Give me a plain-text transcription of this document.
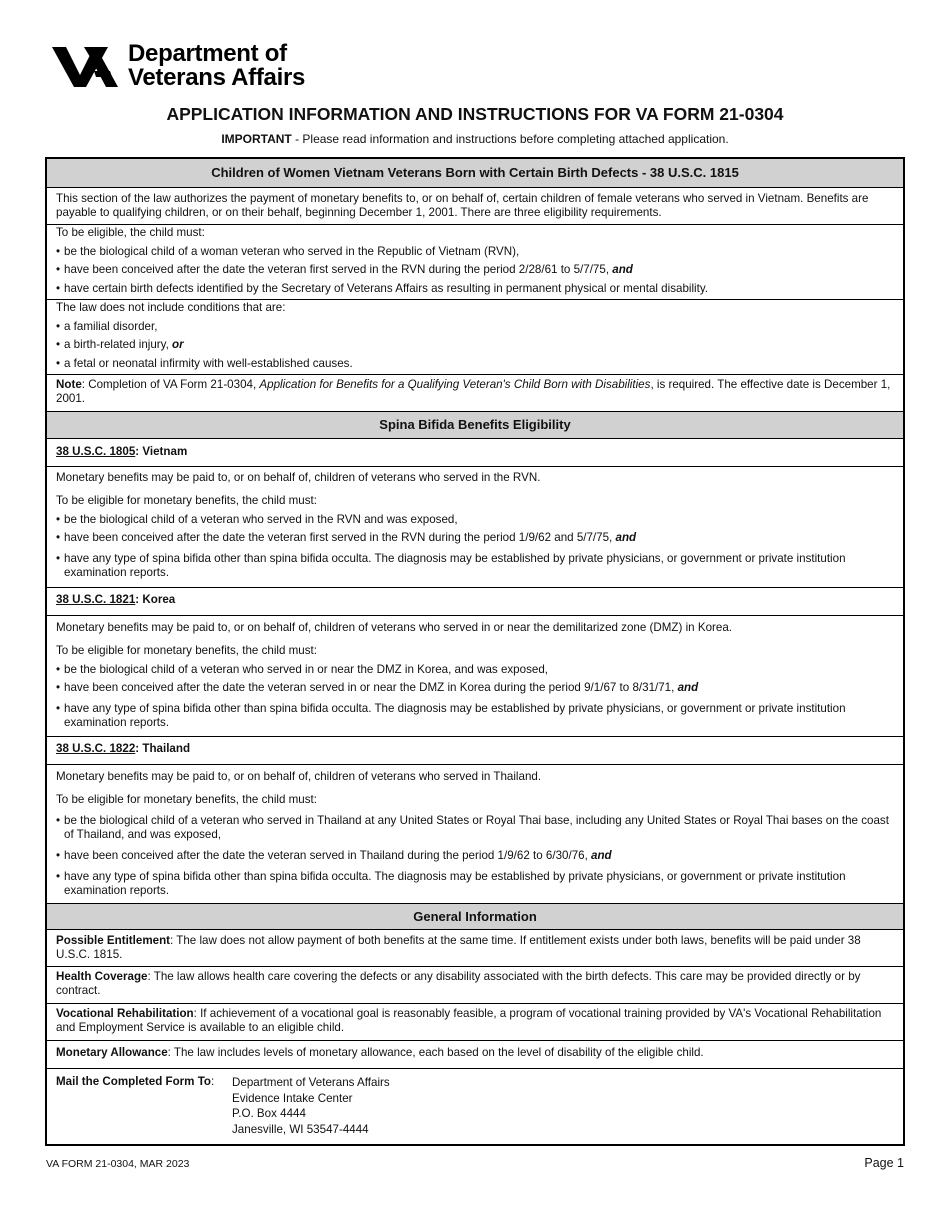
Department of
Veterans Affairs
APPLICATION INFORMATION AND INSTRUCTIONS FOR VA FORM 21-0304
IMPORTANT - Please read information and instructions before completing attached application.
Children of Women Vietnam Veterans Born with Certain Birth Defects - 38 U.S.C. 1815

This section of the law authorizes the payment of monetary benefits to, or on behalf of, certain children of female veterans who served in Vietnam. Benefits are payable to qualifying children, or on their behalf, beginning December 1, 2001. There are three eligibility requirements.

To be eligible, the child must:

• be the biological child of a woman veteran who served in the Republic of Vietnam (RVN),

• have been conceived after the date the veteran first served in the RVN during the period 2/28/61 to 5/7/75, and

• have certain birth defects identified by the Secretary of Veterans Affairs as resulting in permanent physical or mental disability.

The law does not include conditions that are:

• a familial disorder,

• a birth-related injury, or

• a fetal or neonatal infirmity with well-established causes.

Note: Completion of VA Form 21-0304, Application for Benefits for a Qualifying Veteran's Child Born with Disabilities, is required. The effective date is December 1, 2001.

Spina Bifida Benefits Eligibility
38 U.S.C. 1805: Vietnam

Monetary benefits may be paid to, or on behalf of, children of veterans who served in the RVN.

To be eligible for monetary benefits, the child must:

• be the biological child of a veteran who served in the RVN and was exposed,

• have been conceived after the date the veteran first served in the RVN during the period 1/9/62 and 5/7/75, and

• have any type of spina bifida other than spina bifida occulta. The diagnosis may be established by private physicians, or government or private institution examination reports.

38 U.S.C. 1821: Korea

Monetary benefits may be paid to, or on behalf of, children of veterans who served in or near the demilitarized zone (DMZ) in Korea.

To be eligible for monetary benefits, the child must:

• be the biological child of a veteran who served in or near the DMZ in Korea, and was exposed,

• have been conceived after the date the veteran served in or near the DMZ in Korea during the period 9/1/67 to 8/31/71, and

• have any type of spina bifida other than spina bifida occulta. The diagnosis may be established by private physicians, or government or private institution examination reports.

38 U.S.C. 1822: Thailand

Monetary benefits may be paid to, or on behalf of, children of veterans who served in Thailand.

To be eligible for monetary benefits, the child must:

• be the biological child of a veteran who served in Thailand at any United States or Royal Thai base, including any United States or Royal Thai bases on the coast of Thailand, and was exposed,

• have been conceived after the date the veteran served in Thailand during the period 1/9/62 to 6/30/76, and

• have any type of spina bifida other than spina bifida occulta. The diagnosis may be established by private physicians, or government or private institution examination reports.

General Information

Possible Entitlement: The law does not allow payment of both benefits at the same time. If entitlement exists under both laws, benefits will be paid under 38 U.S.C. 1815.

Health Coverage: The law allows health care covering the defects or any disability associated with the birth defects. This care may be provided directly or by contract.

Vocational Rehabilitation: If achievement of a vocational goal is reasonably feasible, a program of vocational training provided by VA's Vocational Rehabilitation and Employment Service is available to an eligible child.

Monetary Allowance: The law includes levels of monetary allowance, each based on the level of disability of the eligible child.

Mail the Completed Form To:	Department of Veterans Affairs
Evidence Intake Center
P.O. Box 4444
Janesville, WI 53547-4444
VA FORM 21-0304, MAR 2023	Page 1
